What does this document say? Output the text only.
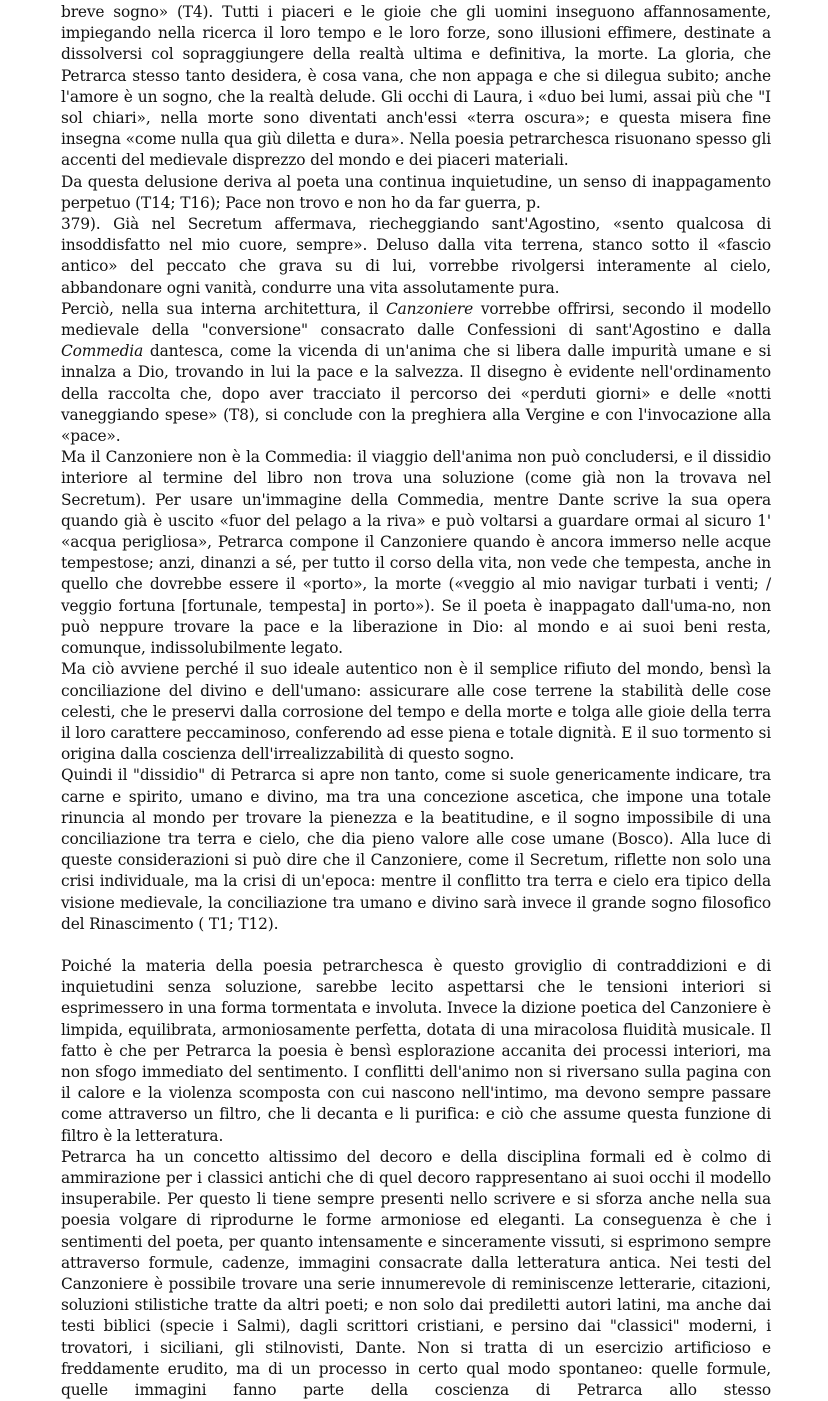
breve sogno» (T4). Tutti i piaceri e le gioie che gli uomini inseguono affannosamente, impiegando nella ricerca il loro tempo e le loro forze, sono illusioni effimere, destinate a dissolversi col sopraggiungere della realtà ultima e definitiva, la morte. La gloria, che Petrarca stesso tanto desidera, è cosa vana, che non appaga e che si dilegua subito; anche l'amore è un sogno, che la realtà delude. Gli occhi di Laura, i «duo bei lumi, assai più che "I sol chiari», nella morte sono diventati anch'essi «terra oscura»; e questa misera fine insegna «come nulla qua giù diletta e dura». Nella poesia petrarchesca risuonano spesso gli accenti del medievale disprezzo del mondo e dei piaceri materiali.

Da questa delusione deriva al poeta una continua inquietudine, un senso di inappagamento perpetuo (T14; T16); Pace non trovo e non ho da far guerra, p.

379). Già nel Secretum affermava, riecheggiando sant'Agostino, «sento qualcosa di insoddisfatto nel mio cuore, sempre». Deluso dalla vita terrena, stanco sotto il «fascio antico» del peccato che grava su di lui, vorrebbe rivolgersi interamente al cielo, abbandonare ogni vanità, condurre una vita assolutamente pura.

Perciò, nella sua interna architettura, il Canzoniere vorrebbe offrirsi, secondo il modello medievale della "conversione" consacrato dalle Confessioni di sant'Agostino e dalla Commedia dantesca, come la vicenda di un'anima che si libera dalle impurità umane e si innalza a Dio, trovando in lui la pace e la salvezza. Il disegno è evidente nell'ordinamento della raccolta che, dopo aver tracciato il percorso dei «perduti giorni» e delle «notti vaneggiando spese» (T8), si conclude con la preghiera alla Vergine e con l'invocazione alla «pace».

Ma il Canzoniere non è la Commedia: il viaggio dell'anima non può concludersi, e il dissidio interiore al termine del libro non trova una soluzione (come già non la trovava nel Secretum). Per usare un'immagine della Commedia, mentre Dante scrive la sua opera quando già è uscito «fuor del pelago a la riva» e può voltarsi a guardare ormai al sicuro 1' «acqua perigliosa», Petrarca compone il Canzoniere quando è ancora immerso nelle acque tempestose; anzi, dinanzi a sé, per tutto il corso della vita, non vede che tempesta, anche in quello che dovrebbe essere il «porto», la morte («veggio al mio navigar turbati i venti; / veggio fortuna [fortunale, tempesta] in porto»). Se il poeta è inappagato dall'uma-no, non può neppure trovare la pace e la liberazione in Dio: al mondo e ai suoi beni resta, comunque, indissolubilmente legato.

Ma ciò avviene perché il suo ideale autentico non è il semplice rifiuto del mondo, bensì la conciliazione del divino e dell'umano: assicurare alle cose terrene la stabilità delle cose celesti, che le preservi dalla corrosione del tempo e della morte e tolga alle gioie della terra il loro carattere peccaminoso, conferendo ad esse piena e totale dignità. E il suo tormento si origina dalla coscienza dell'irrealizzabilità di questo sogno.

Quindi il "dissidio" di Petrarca si apre non tanto, come si suole genericamente indicare, tra carne e spirito, umano e divino, ma tra una concezione ascetica, che impone una totale rinuncia al mondo per trovare la pienezza e la beatitudine, e il sogno impossibile di una conciliazione tra terra e cielo, che dia pieno valore alle cose umane (Bosco). Alla luce di queste considerazioni si può dire che il Canzoniere, come il Secretum, riflette non solo una crisi individuale, ma la crisi di un'epoca: mentre il conflitto tra terra e cielo era tipico della visione medievale, la conciliazione tra umano e divino sarà invece il grande sogno filosofico del Rinascimento ( T1; T12).

Poiché la materia della poesia petrarchesca è questo groviglio di contraddizioni e di inquietudini senza soluzione, sarebbe lecito aspettarsi che le tensioni interiori si esprimessero in una forma tormentata e involuta. Invece la dizione poetica del Canzoniere è limpida, equilibrata, armoniosamente perfetta, dotata di una miracolosa fluidità musicale. Il fatto è che per Petrarca la poesia è bensì esplorazione accanita dei processi interiori, ma non sfogo immediato del sentimento. I conflitti dell'animo non si riversano sulla pagina con il calore e la violenza scomposta con cui nascono nell'intimo, ma devono sempre passare come attraverso un filtro, che li decanta e li purifica: e ciò che assume questa funzione di filtro è la letteratura.

Petrarca ha un concetto altissimo del decoro e della disciplina formali ed è colmo di ammirazione per i classici antichi che di quel decoro rappresentano ai suoi occhi il modello insuperabile. Per questo li tiene sempre presenti nello scrivere e si sforza anche nella sua poesia volgare di riprodurne le forme armoniose ed eleganti. La conseguenza è che i sentimenti del poeta, per quanto intensamente e sinceramente vissuti, si esprimono sempre attraverso formule, cadenze, immagini consacrate dalla letteratura antica. Nei testi del Canzoniere è possibile trovare una serie innumerevole di reminiscenze letterarie, citazioni, soluzioni stilistiche tratte da altri poeti; e non solo dai prediletti autori latini, ma anche dai testi biblici (specie i Salmi), dagli scrittori cristiani, e persino dai "classici" moderni, i trovatori, i siciliani, gli stilnovisti, Dante. Non si tratta di un esercizio artificioso e freddamente erudito, ma di un processo in certo qual modo spontaneo: quelle formule, quelle immagini fanno parte della coscienza di Petrarca allo stesso
